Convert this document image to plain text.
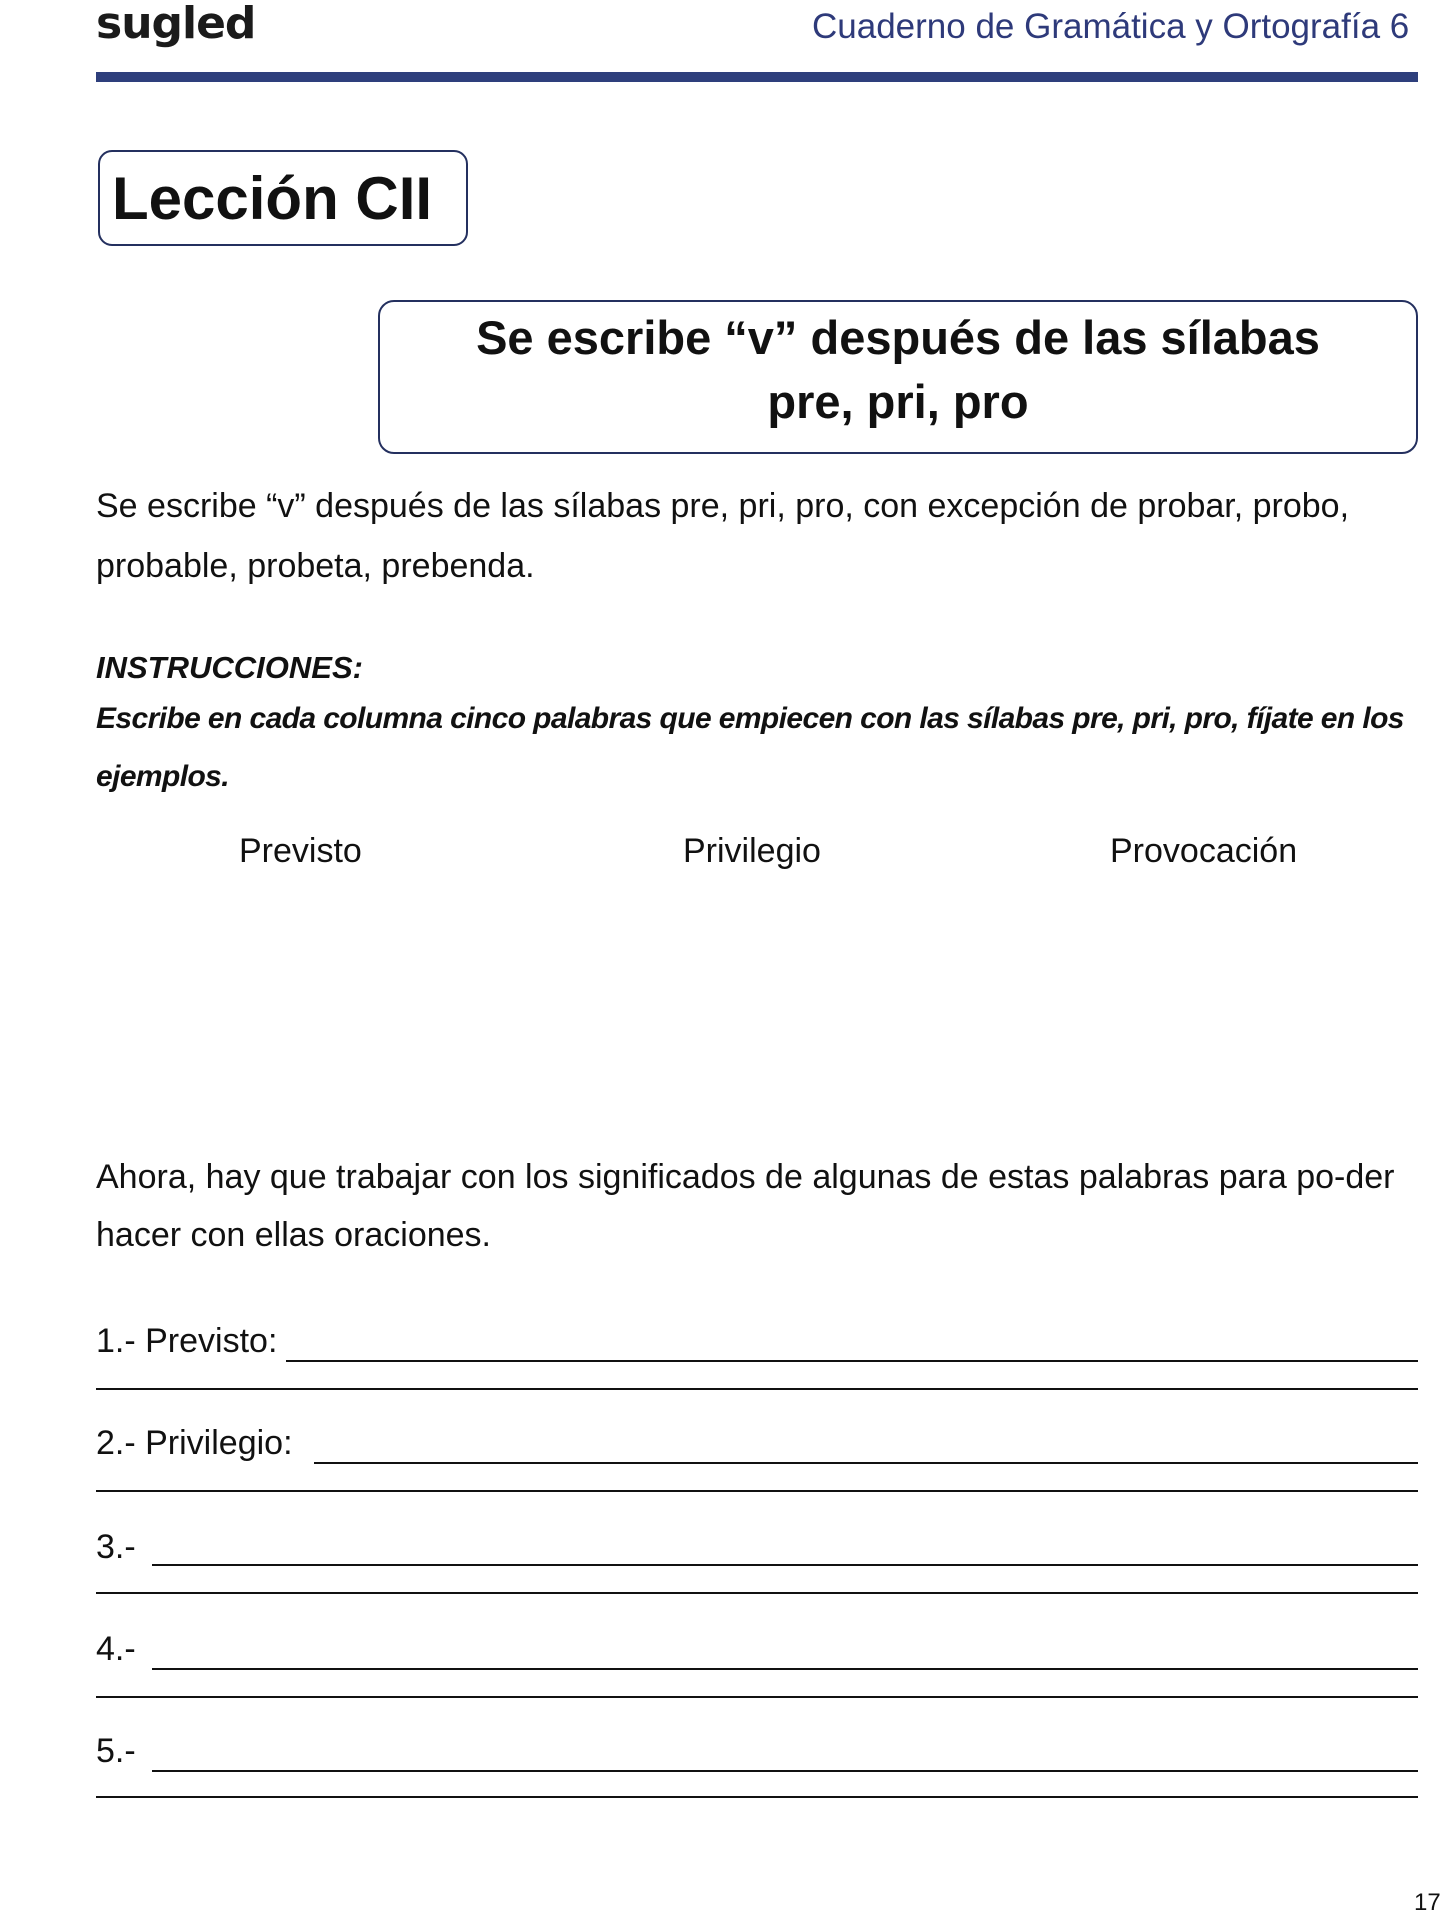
sugled	Cuaderno de Gramática y Ortografía 6
Lección CII
Se escribe “v” después de las sílabas
pre, pri, pro
Se escribe “v” después de las sílabas pre, pri, pro, con excepción de probar, probo, probable, probeta, prebenda.
INSTRUCCIONES:
Escribe en cada columna cinco palabras que empiecen con las sílabas pre, pri, pro, fíjate en los ejemplos.
Previsto	Privilegio	Provocación
Ahora, hay que trabajar con los significados de algunas de estas palabras para po-der hacer con ellas oraciones.
1.- Previsto:
2.- Privilegio:
3.-
4.-
5.-
17
